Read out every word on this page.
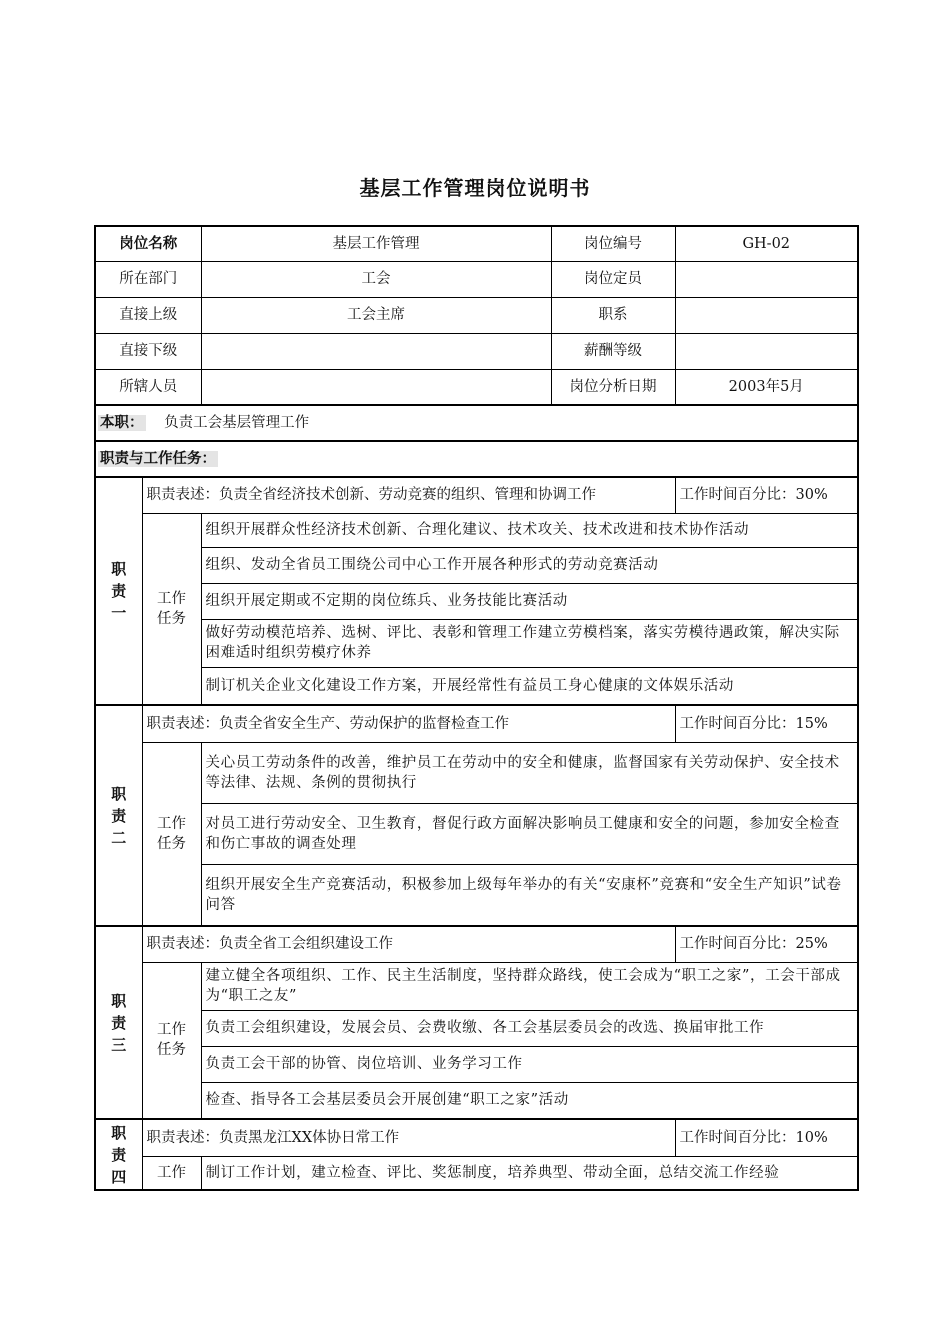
基层工作管理岗位说明书
岗位名称		基层工作管理	岗位编号	GH-02
所在部门		工会	岗位定员	
直接上级		工会主席	职系	
直接下级			薪酬等级	
所辖人员			岗位分析日期	2003年5月
本职： 负责工会基层管理工作				
职责与工作任务：				

职
责
一	职责表述：负责全省经济技术创新、劳动竞赛的组织、管理和协调工作			工作时间百分比：30%

	工作
任务	组织开展群众性经济技术创新、合理化建议、技术攻关、技术改进和技术协作活动		
		组织、发动全省员工围绕公司中心工作开展各种形式的劳动竞赛活动		
		组织开展定期或不定期的岗位练兵、业务技能比赛活动		
		做好劳动模范培养、选树、评比、表彰和管理工作建立劳模档案，落实劳模待遇政策，解决实际困难适时组织劳模疗休养		
		制订机关企业文化建设工作方案，开展经常性有益员工身心健康的文体娱乐活动		

职
责
二	职责表述：负责全省安全生产、劳动保护的监督检查工作			工作时间百分比：15%

	工作
任务	关心员工劳动条件的改善，维护员工在劳动中的安全和健康，监督国家有关劳动保护、安全技术等法律、法规、条例的贯彻执行		
		对员工进行劳动安全、卫生教育，督促行政方面解决影响员工健康和安全的问题，参加安全检查和伤亡事故的调查处理		
		组织开展安全生产竞赛活动，积极参加上级每年举办的有关“安康杯”竞赛和“安全生产知识”试卷问答		

职
责
三	职责表述：负责全省工会组织建设工作			工作时间百分比：25%

	工作
任务	建立健全各项组织、工作、民主生活制度，坚持群众路线，使工会成为“职工之家”，工会干部成为“职工之友”		
		负责工会组织建设，发展会员、会费收缴、各工会基层委员会的改选、换届审批工作		
		负责工会干部的协管、岗位培训、业务学习工作		
		检查、指导各工会基层委员会开展创建“职工之家”活动		

职
责
四	职责表述：负责黑龙江XX体协日常工作			工作时间百分比：10%
	工作	制订工作计划，建立检查、评比、奖惩制度，培养典型、带动全面，总结交流工作经验		
